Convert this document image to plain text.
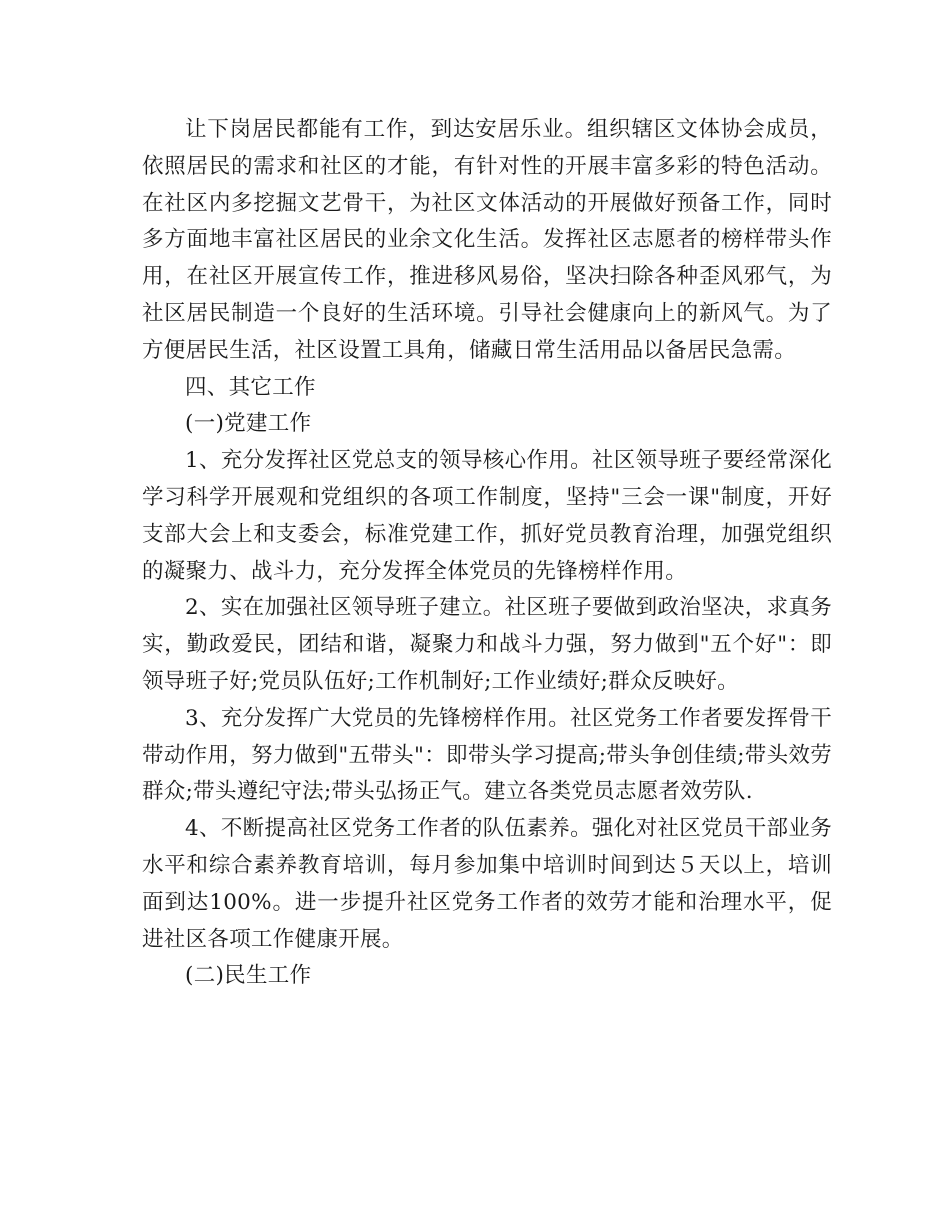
让下岗居民都能有工作，到达安居乐业。组织辖区文体协会成员，依照居民的需求和社区的才能，有针对性的开展丰富多彩的特色活动。在社区内多挖掘文艺骨干，为社区文体活动的开展做好预备工作，同时多方面地丰富社区居民的业余文化生活。发挥社区志愿者的榜样带头作用，在社区开展宣传工作，推进移风易俗，坚决扫除各种歪风邪气，为社区居民制造一个良好的生活环境。引导社会健康向上的新风气。为了方便居民生活，社区设置工具角，储藏日常生活用品以备居民急需。

四、其它工作

(一)党建工作

1、充分发挥社区党总支的领导核心作用。社区领导班子要经常深化学习科学开展观和党组织的各项工作制度，坚持"三会一课"制度，开好支部大会上和支委会，标准党建工作，抓好党员教育治理，加强党组织的凝聚力、战斗力，充分发挥全体党员的先锋榜样作用。

2、实在加强社区领导班子建立。社区班子要做到政治坚决，求真务实，勤政爱民，团结和谐，凝聚力和战斗力强，努力做到"五个好"：即领导班子好;党员队伍好;工作机制好;工作业绩好;群众反映好。

3、充分发挥广大党员的先锋榜样作用。社区党务工作者要发挥骨干带动作用，努力做到"五带头"：即带头学习提高;带头争创佳绩;带头效劳群众;带头遵纪守法;带头弘扬正气。建立各类党员志愿者效劳队.

4、不断提高社区党务工作者的队伍素养。强化对社区党员干部业务水平和综合素养教育培训，每月参加集中培训时间到达５天以上，培训面到达100%。进一步提升社区党务工作者的效劳才能和治理水平，促进社区各项工作健康开展。

(二)民生工作
